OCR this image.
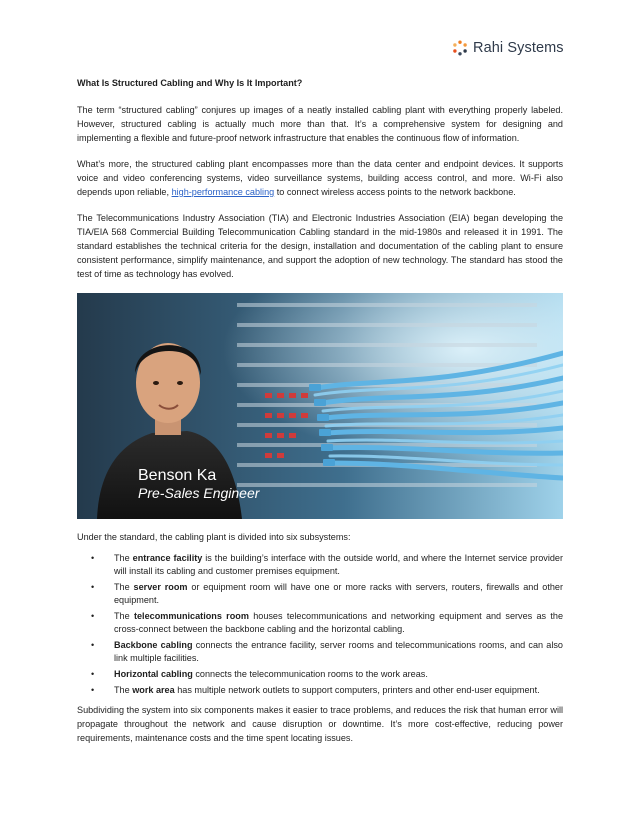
Rahi Systems
What Is Structured Cabling and Why Is It Important?

The term “structured cabling” conjures up images of a neatly installed cabling plant with everything properly labeled. However, structured cabling is actually much more than that. It’s a comprehensive system for designing and implementing a flexible and future-proof network infrastructure that enables the continuous flow of information.

What’s more, the structured cabling plant encompasses more than the data center and endpoint devices. It supports voice and video conferencing systems, video surveillance systems, building access control, and more. Wi-Fi also depends upon reliable, high-performance cabling to connect wireless access points to the network backbone.

The Telecommunications Industry Association (TIA) and Electronic Industries Association (EIA) began developing the TIA/EIA 568 Commercial Building Telecommunication Cabling standard in the mid-1980s and released it in 1991. The standard establishes the technical criteria for the design, installation and documentation of the cabling plant to ensure consistent performance, simplify maintenance, and support the adoption of new technology. The standard has stood the test of time as technology has evolved.

Benson Ka
Pre-Sales Engineer
Under the standard, the cabling plant is divided into six subsystems:
• The entrance facility is the building’s interface with the outside world, and where the Internet service provider will install its cabling and customer premises equipment.
• The server room or equipment room will have one or more racks with servers, routers, firewalls and other equipment.
• The telecommunications room houses telecommunications and networking equipment and serves as the cross-connect between the backbone cabling and the horizontal cabling.
• Backbone cabling connects the entrance facility, server rooms and telecommunications rooms, and can also link multiple facilities.
• Horizontal cabling connects the telecommunication rooms to the work areas.
• The work area has multiple network outlets to support computers, printers and other end-user equipment.

Subdividing the system into six components makes it easier to trace problems, and reduces the risk that human error will propagate throughout the network and cause disruption or downtime. It’s more cost-effective, reducing power requirements, maintenance costs and the time spent locating issues.
